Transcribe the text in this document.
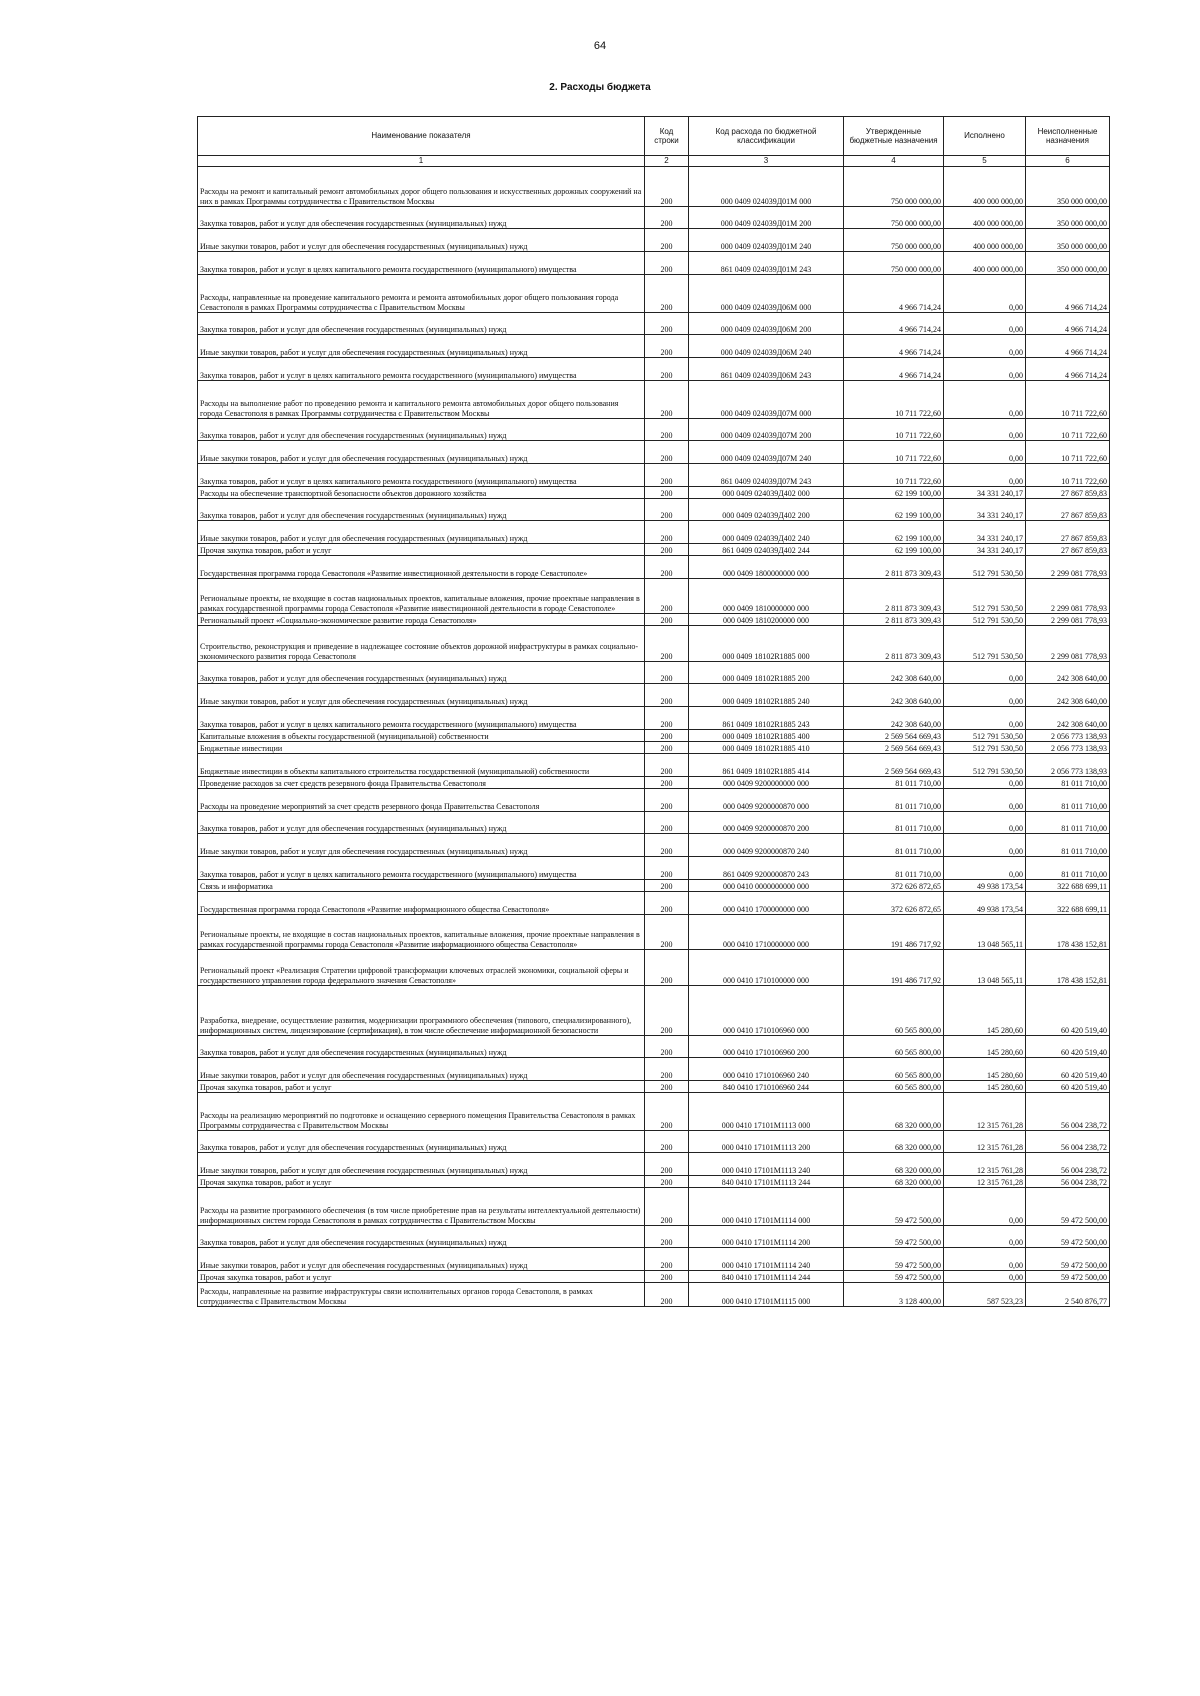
64
2. Расходы бюджета
Наименование показателя	Код строки	Код расхода по бюджетной классификации	Утвержденные бюджетные назначения	Исполнено	Неисполненные назначения
1	2	3	4	5	6
Расходы на ремонт и капитальный ремонт автомобильных дорог общего пользования и искусственных дорожных сооружений на них в рамках Программы сотрудничества с Правительством Москвы	200	000 0409 024039Д01М 000	750 000 000,00	400 000 000,00	350 000 000,00
Закупка товаров, работ и услуг для обеспечения государственных (муниципальных) нужд	200	000 0409 024039Д01М 200	750 000 000,00	400 000 000,00	350 000 000,00
Иные закупки товаров, работ и услуг для обеспечения государственных (муниципальных) нужд	200	000 0409 024039Д01М 240	750 000 000,00	400 000 000,00	350 000 000,00
Закупка товаров, работ и услуг в целях капитального ремонта государственного (муниципального) имущества	200	861 0409 024039Д01М 243	750 000 000,00	400 000 000,00	350 000 000,00
Расходы, направленные на проведение капитального ремонта и ремонта автомобильных дорог общего пользования города Севастополя в рамках Программы сотрудничества с Правительством Москвы	200	000 0409 024039Д06М 000	4 966 714,24	0,00	4 966 714,24
Закупка товаров, работ и услуг для обеспечения государственных (муниципальных) нужд	200	000 0409 024039Д06М 200	4 966 714,24	0,00	4 966 714,24
Иные закупки товаров, работ и услуг для обеспечения государственных (муниципальных) нужд	200	000 0409 024039Д06М 240	4 966 714,24	0,00	4 966 714,24
Закупка товаров, работ и услуг в целях капитального ремонта государственного (муниципального) имущества	200	861 0409 024039Д06М 243	4 966 714,24	0,00	4 966 714,24
Расходы на выполнение работ по проведению ремонта и капитального ремонта автомобильных дорог общего пользования города Севастополя в рамках Программы сотрудничества с Правительством Москвы	200	000 0409 024039Д07М 000	10 711 722,60	0,00	10 711 722,60
Закупка товаров, работ и услуг для обеспечения государственных (муниципальных) нужд	200	000 0409 024039Д07М 200	10 711 722,60	0,00	10 711 722,60
Иные закупки товаров, работ и услуг для обеспечения государственных (муниципальных) нужд	200	000 0409 024039Д07М 240	10 711 722,60	0,00	10 711 722,60
Закупка товаров, работ и услуг в целях капитального ремонта государственного (муниципального) имущества	200	861 0409 024039Д07М 243	10 711 722,60	0,00	10 711 722,60
Расходы на обеспечение транспортной безопасности объектов дорожного хозяйства	200	000 0409 024039Д402 000	62 199 100,00	34 331 240,17	27 867 859,83
Закупка товаров, работ и услуг для обеспечения государственных (муниципальных) нужд	200	000 0409 024039Д402 200	62 199 100,00	34 331 240,17	27 867 859,83
Иные закупки товаров, работ и услуг для обеспечения государственных (муниципальных) нужд	200	000 0409 024039Д402 240	62 199 100,00	34 331 240,17	27 867 859,83
Прочая закупка товаров, работ и услуг	200	861 0409 024039Д402 244	62 199 100,00	34 331 240,17	27 867 859,83
Государственная программа города Севастополя «Развитие инвестиционной деятельности в городе Севастополе»	200	000 0409 1800000000 000	2 811 873 309,43	512 791 530,50	2 299 081 778,93
Региональные проекты, не входящие в состав национальных проектов, капитальные вложения, прочие проектные направления в рамках государственной программы города Севастополя «Развитие инвестиционной деятельности в городе Севастополе»	200	000 0409 1810000000 000	2 811 873 309,43	512 791 530,50	2 299 081 778,93
Региональный проект «Социально-экономическое развитие города Севастополя»	200	000 0409 1810200000 000	2 811 873 309,43	512 791 530,50	2 299 081 778,93
Строительство, реконструкция и приведение в надлежащее состояние объектов дорожной инфраструктуры в рамках социально-экономического развития города Севастополя	200	000 0409 18102R1885 000	2 811 873 309,43	512 791 530,50	2 299 081 778,93
Закупка товаров, работ и услуг для обеспечения государственных (муниципальных) нужд	200	000 0409 18102R1885 200	242 308 640,00	0,00	242 308 640,00
Иные закупки товаров, работ и услуг для обеспечения государственных (муниципальных) нужд	200	000 0409 18102R1885 240	242 308 640,00	0,00	242 308 640,00
Закупка товаров, работ и услуг в целях капитального ремонта государственного (муниципального) имущества	200	861 0409 18102R1885 243	242 308 640,00	0,00	242 308 640,00
Капитальные вложения в объекты государственной (муниципальной) собственности	200	000 0409 18102R1885 400	2 569 564 669,43	512 791 530,50	2 056 773 138,93
Бюджетные инвестиции	200	000 0409 18102R1885 410	2 569 564 669,43	512 791 530,50	2 056 773 138,93
Бюджетные инвестиции в объекты капитального строительства государственной (муниципальной) собственности	200	861 0409 18102R1885 414	2 569 564 669,43	512 791 530,50	2 056 773 138,93
Проведение расходов за счет средств резервного фонда Правительства Севастополя	200	000 0409 9200000000 000	81 011 710,00	0,00	81 011 710,00
Расходы на проведение мероприятий за счет средств резервного фонда Правительства Севастополя	200	000 0409 9200000870 000	81 011 710,00	0,00	81 011 710,00
Закупка товаров, работ и услуг для обеспечения государственных (муниципальных) нужд	200	000 0409 9200000870 200	81 011 710,00	0,00	81 011 710,00
Иные закупки товаров, работ и услуг для обеспечения государственных (муниципальных) нужд	200	000 0409 9200000870 240	81 011 710,00	0,00	81 011 710,00
Закупка товаров, работ и услуг в целях капитального ремонта государственного (муниципального) имущества	200	861 0409 9200000870 243	81 011 710,00	0,00	81 011 710,00
Связь и информатика	200	000 0410 0000000000 000	372 626 872,65	49 938 173,54	322 688 699,11
Государственная программа города Севастополя «Развитие информационного общества Севастополя»	200	000 0410 1700000000 000	372 626 872,65	49 938 173,54	322 688 699,11
Региональные проекты, не входящие в состав национальных проектов, капитальные вложения, прочие проектные направления в рамках государственной программы города Севастополя «Развитие информационного общества Севастополя»	200	000 0410 1710000000 000	191 486 717,92	13 048 565,11	178 438 152,81
Региональный проект «Реализация Стратегии цифровой трансформации ключевых отраслей экономики, социальной сферы и государственного управления города федерального значения Севастополя»	200	000 0410 1710100000 000	191 486 717,92	13 048 565,11	178 438 152,81
Разработка, внедрение, осуществление развития, модернизации программного обеспечения (типового, специализированного), информационных систем, лицензирование (сертификация), в том числе обеспечение информационной безопасности	200	000 0410 1710106960 000	60 565 800,00	145 280,60	60 420 519,40
Закупка товаров, работ и услуг для обеспечения государственных (муниципальных) нужд	200	000 0410 1710106960 200	60 565 800,00	145 280,60	60 420 519,40
Иные закупки товаров, работ и услуг для обеспечения государственных (муниципальных) нужд	200	000 0410 1710106960 240	60 565 800,00	145 280,60	60 420 519,40
Прочая закупка товаров, работ и услуг	200	840 0410 1710106960 244	60 565 800,00	145 280,60	60 420 519,40
Расходы на реализацию мероприятий по подготовке и оснащению серверного помещения Правительства Севастополя в рамках Программы сотрудничества с Правительством Москвы	200	000 0410 17101М1113 000	68 320 000,00	12 315 761,28	56 004 238,72
Закупка товаров, работ и услуг для обеспечения государственных (муниципальных) нужд	200	000 0410 17101М1113 200	68 320 000,00	12 315 761,28	56 004 238,72
Иные закупки товаров, работ и услуг для обеспечения государственных (муниципальных) нужд	200	000 0410 17101М1113 240	68 320 000,00	12 315 761,28	56 004 238,72
Прочая закупка товаров, работ и услуг	200	840 0410 17101М1113 244	68 320 000,00	12 315 761,28	56 004 238,72
Расходы на развитие программного обеспечения (в том числе приобретение прав на результаты интеллектуальной деятельности) информационных систем города Севастополя в рамках сотрудничества с Правительством Москвы	200	000 0410 17101М1114 000	59 472 500,00	0,00	59 472 500,00
Закупка товаров, работ и услуг для обеспечения государственных (муниципальных) нужд	200	000 0410 17101М1114 200	59 472 500,00	0,00	59 472 500,00
Иные закупки товаров, работ и услуг для обеспечения государственных (муниципальных) нужд	200	000 0410 17101М1114 240	59 472 500,00	0,00	59 472 500,00
Прочая закупка товаров, работ и услуг	200	840 0410 17101М1114 244	59 472 500,00	0,00	59 472 500,00
Расходы, направленные на развитие инфраструктуры связи исполнительных органов города Севастополя, в рамках сотрудничества с Правительством Москвы	200	000 0410 17101М1115 000	3 128 400,00	587 523,23	2 540 876,77
